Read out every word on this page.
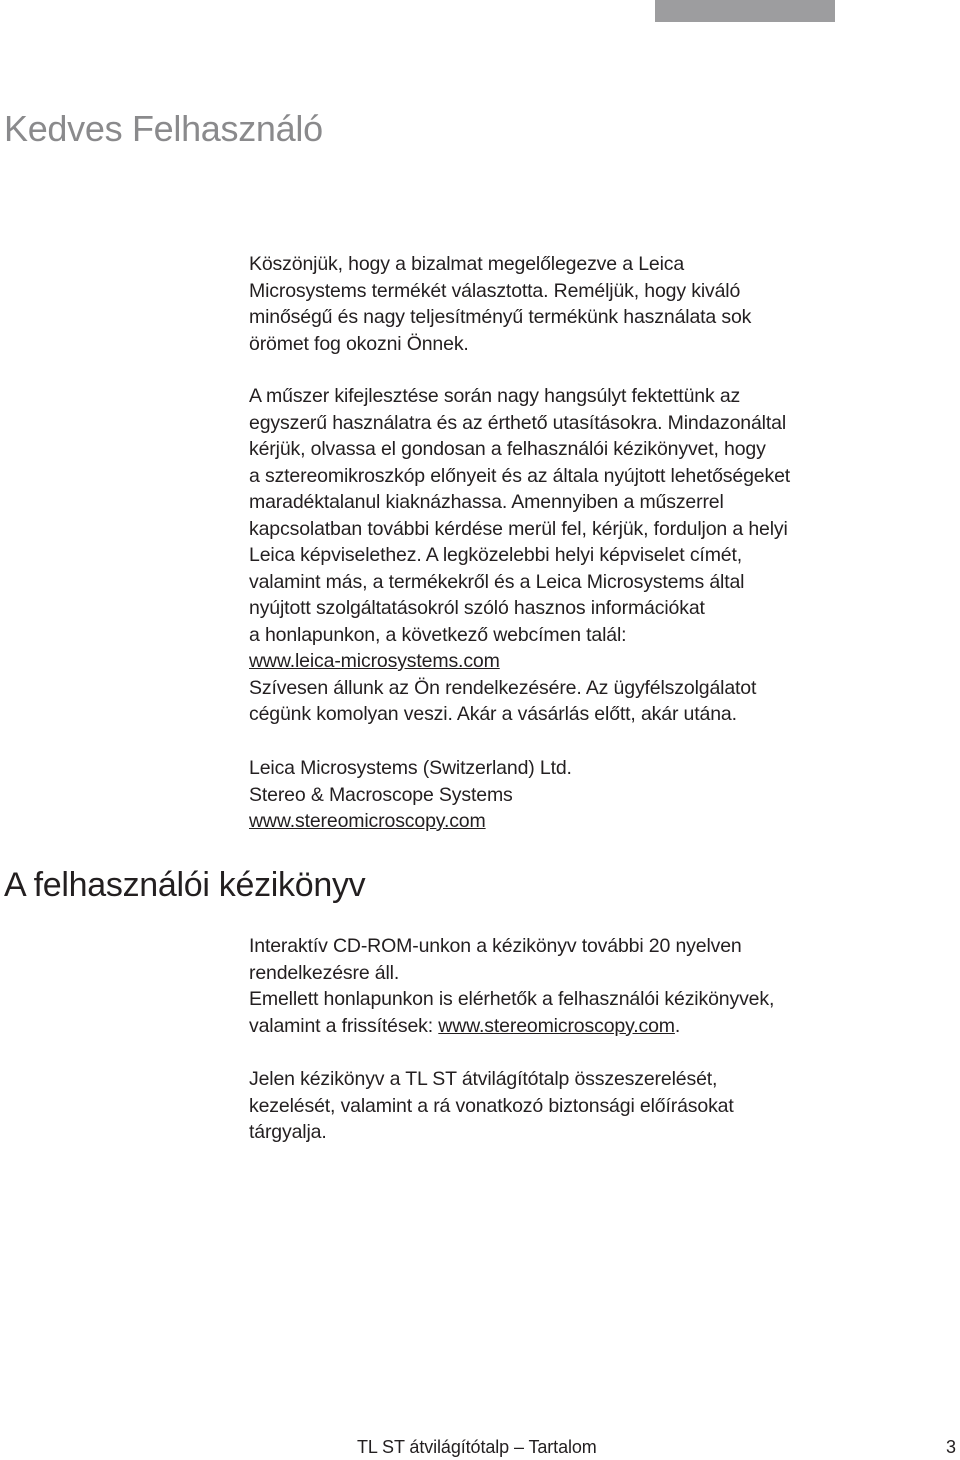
Kedves Felhasználó

Köszönjük, hogy a bizalmat megelőlegezve a Leica

Microsystems termékét választotta. Reméljük, hogy kiváló

minőségű és nagy teljesítményű termékünk használata sok

örömet fog okozni Önnek.

A műszer kifejlesztése során nagy hangsúlyt fektettünk az

egyszerű használatra és az érthető utasításokra. Mindazonáltal

kérjük, olvassa el gondosan a felhasználói kézikönyvet, hogy

a sztereomikroszkóp előnyeit és az általa nyújtott lehetőségeket

maradéktalanul kiaknázhassa. Amennyiben a műszerrel

kapcsolatban további kérdése merül fel, kérjük, forduljon a helyi

Leica képviselethez. A legközelebbi helyi képviselet címét,

valamint más, a termékekről és a Leica Microsystems által

nyújtott szolgáltatásokról szóló hasznos információkat

a honlapunkon, a következő webcímen talál:

www.leica-microsystems.com

Szívesen állunk az Ön rendelkezésére. Az ügyfélszolgálatot

cégünk komolyan veszi. Akár a vásárlás előtt, akár utána.

Leica Microsystems (Switzerland) Ltd.

Stereo & Macroscope Systems

www.stereomicroscopy.com

A felhasználói kézikönyv

Interaktív CD-ROM-unkon a kézikönyv további 20 nyelven

rendelkezésre áll.

Emellett honlapunkon is elérhetők a felhasználói kézikönyvek,

valamint a frissítések: www.stereomicroscopy.com.

Jelen kézikönyv a TL ST átvilágítótalp összeszerelését,

kezelését, valamint a rá vonatkozó biztonsági előírásokat

tárgyalja.

TL ST átvilágítótalp – Tartalom	3
